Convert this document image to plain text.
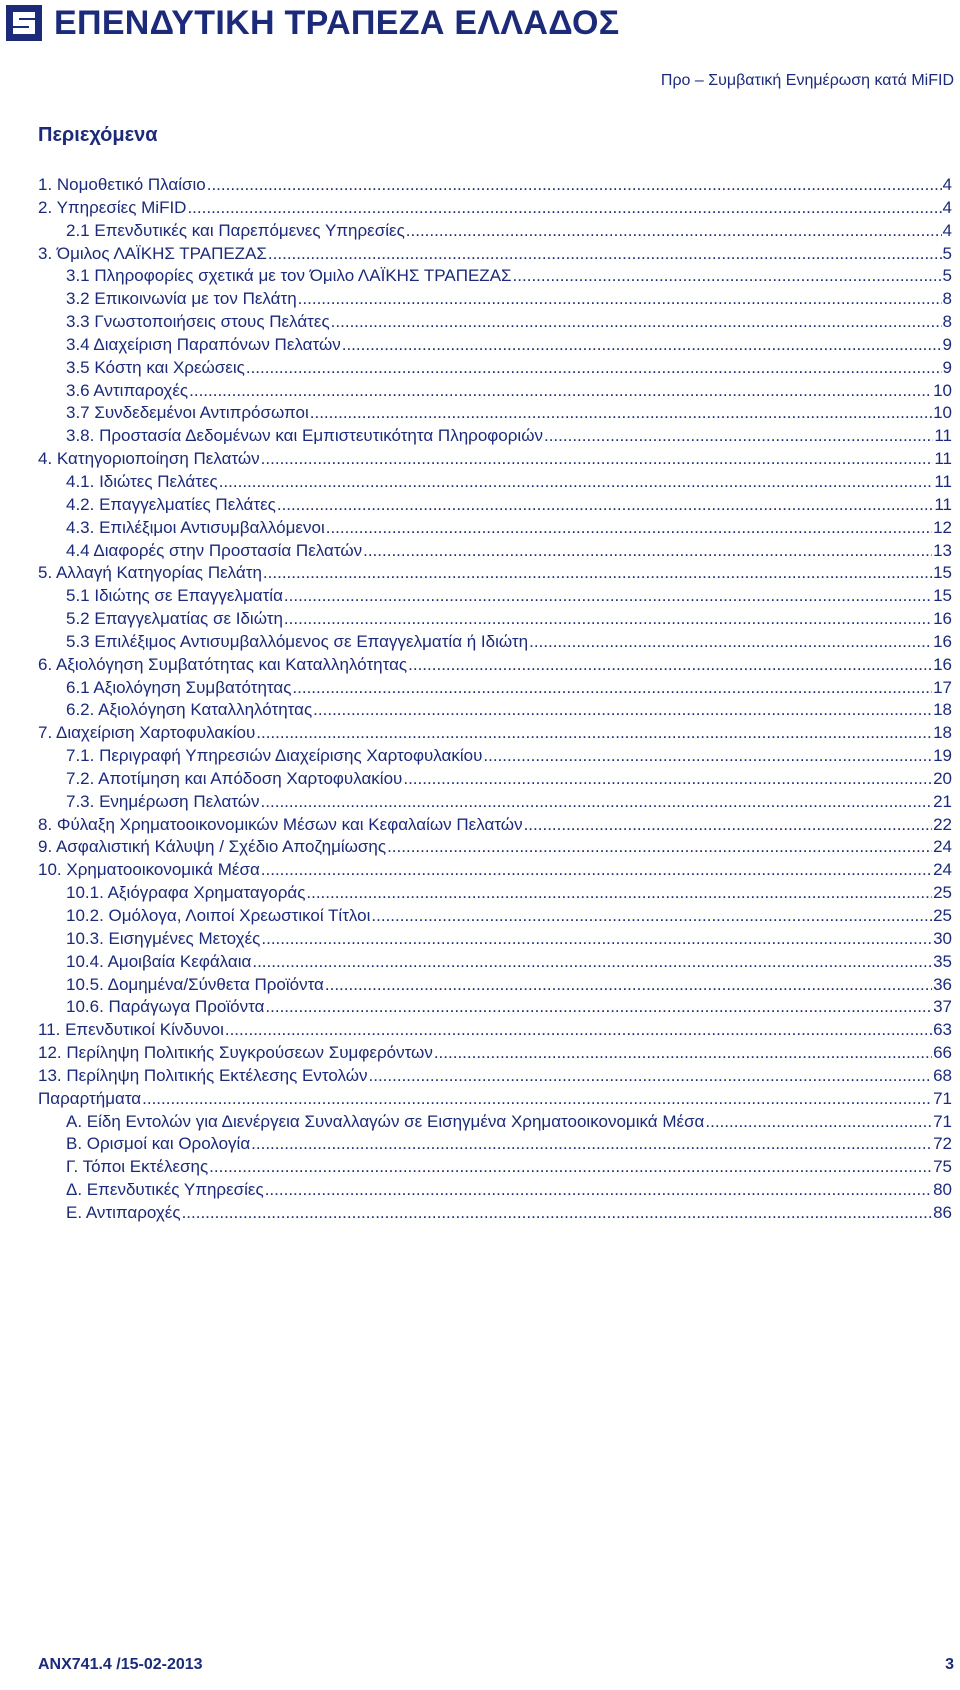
ΕΠΕΝΔΥΤΙΚΗ ΤΡΑΠΕΖΑ ΕΛΛΑΔΟΣ
Προ – Συμβατική Ενημέρωση κατά MiFID
Περιεχόμενα
1. Νομοθετικό Πλαίσιο .....	4
2. Υπηρεσίες MiFID .....	4
2.1 Επενδυτικές και Παρεπόμενες Υπηρεσίες .....	4
3. Όμιλος ΛΑΪΚΗΣ ΤΡΑΠΕΖΑΣ .....	5
3.1 Πληροφορίες σχετικά με τον Όμιλο ΛΑΪΚΗΣ ΤΡΑΠΕΖΑΣ .....	5
3.2 Επικοινωνία με τον Πελάτη .....	8
3.3 Γνωστοποιήσεις στους Πελάτες .....	8
3.4 Διαχείριση Παραπόνων Πελατών .....	9
3.5 Κόστη και Χρεώσεις .....	9
3.6 Αντιπαροχές .....	10
3.7 Συνδεδεμένοι Αντιπρόσωποι .....	10
3.8. Προστασία Δεδομένων και Εμπιστευτικότητα Πληροφοριών .....	11
4. Κατηγοριοποίηση Πελατών .....	11
4.1. Ιδιώτες Πελάτες .....	11
4.2. Επαγγελματίες Πελάτες .....	11
4.3. Επιλέξιμοι Αντισυμβαλλόμενοι .....	12
4.4 Διαφορές στην Προστασία Πελατών .....	13
5. Αλλαγή Κατηγορίας Πελάτη .....	15
5.1 Ιδιώτης σε Επαγγελματία .....	15
5.2 Επαγγελματίας σε Ιδιώτη .....	16
5.3 Επιλέξιμος Αντισυμβαλλόμενος σε Επαγγελματία ή Ιδιώτη .....	16
6. Αξιολόγηση Συμβατότητας και Καταλληλότητας .....	16
6.1 Αξιολόγηση Συμβατότητας .....	17
6.2. Αξιολόγηση Καταλληλότητας .....	18
7. Διαχείριση Χαρτοφυλακίου .....	18
7.1. Περιγραφή Υπηρεσιών Διαχείρισης Χαρτοφυλακίου .....	19
7.2. Αποτίμηση και Απόδοση Χαρτοφυλακίου .....	20
7.3. Ενημέρωση Πελατών .....	21
8. Φύλαξη Χρηματοοικονομικών Μέσων και Κεφαλαίων Πελατών .....	22
9. Ασφαλιστική Κάλυψη / Σχέδιο Αποζημίωσης .....	24
10. Χρηματοοικονομικά Μέσα .....	24
10.1. Αξιόγραφα Χρηματαγοράς .....	25
10.2. Ομόλογα, Λοιποί Χρεωστικοί Τίτλοι .....	25
10.3. Εισηγμένες Μετοχές .....	30
10.4. Αμοιβαία Κεφάλαια .....	35
10.5. Δομημένα/Σύνθετα Προϊόντα .....	36
10.6. Παράγωγα Προϊόντα .....	37
11. Επενδυτικοί Κίνδυνοι .....	63
12. Περίληψη Πολιτικής Συγκρούσεων Συμφερόντων .....	66
13. Περίληψη Πολιτικής Εκτέλεσης Εντολών .....	68
Παραρτήματα .....	71
Α. Είδη Εντολών για Διενέργεια Συναλλαγών σε Εισηγμένα Χρηματοοικονομικά Μέσα .....	71
Β. Ορισμοί και Ορολογία .....	72
Γ. Τόποι Εκτέλεσης .....	75
Δ. Επενδυτικές Υπηρεσίες .....	80
Ε. Αντιπαροχές .....	86
ANX741.4 /15-02-2013	3
